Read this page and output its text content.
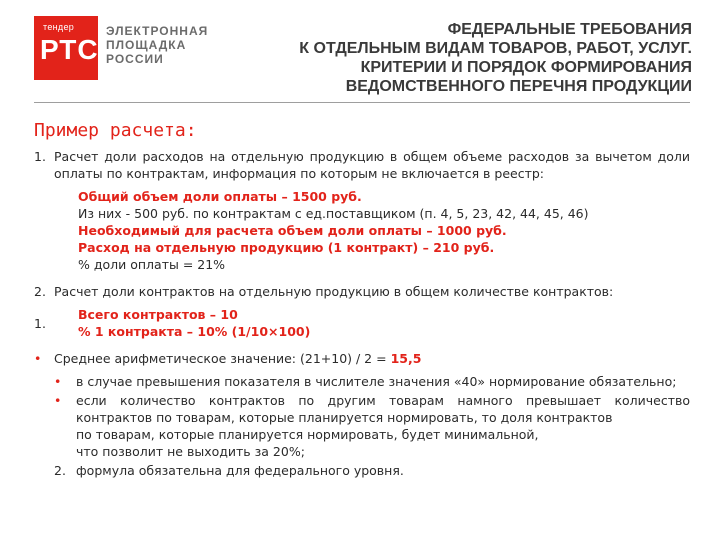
тендер
РТС
ЭЛЕКТРОННАЯ
ПЛОЩАДКА
РОССИИ
ФЕДЕРАЛЬНЫЕ ТРЕБОВАНИЯ
К ОТДЕЛЬНЫМ ВИДАМ ТОВАРОВ, РАБОТ, УСЛУГ.
КРИТЕРИИ И ПОРЯДОК ФОРМИРОВАНИЯ
ВЕДОМСТВЕННОГО ПЕРЕЧНЯ ПРОДУКЦИИ
Пример расчета:
1. Расчет доли расходов на отдельную продукцию в общем объеме расходов за вычетом доли оплаты по контрактам, информация по которым не включается в реестр:
Общий объем доли оплаты – 1500 руб.
Из них - 500 руб. по контрактам с ед.поставщиком (п. 4, 5, 23, 42, 44, 45, 46)
Необходимый для расчета объем доли оплаты – 1000 руб.
Расход на отдельную продукцию (1 контракт) – 210 руб.
% доли оплаты = 21%
2. Расчет доли контрактов на отдельную продукцию в общем количестве контрактов:
1.
Всего контрактов – 10
% 1 контракта – 10% (1/10×100)
• Среднее арифметическое значение: (21+10) / 2 = 15,5
• в случае превышения показателя в числителе значения «40» нормирование обязательно;
• если количество контрактов по другим товарам намного превышает количество контрактов по товарам, которые планируется нормировать, то доля контрактов
по товарам, которые планируется нормировать, будет минимальной,
что позволит не выходить за 20%;
2. формула обязательна для федерального уровня.
